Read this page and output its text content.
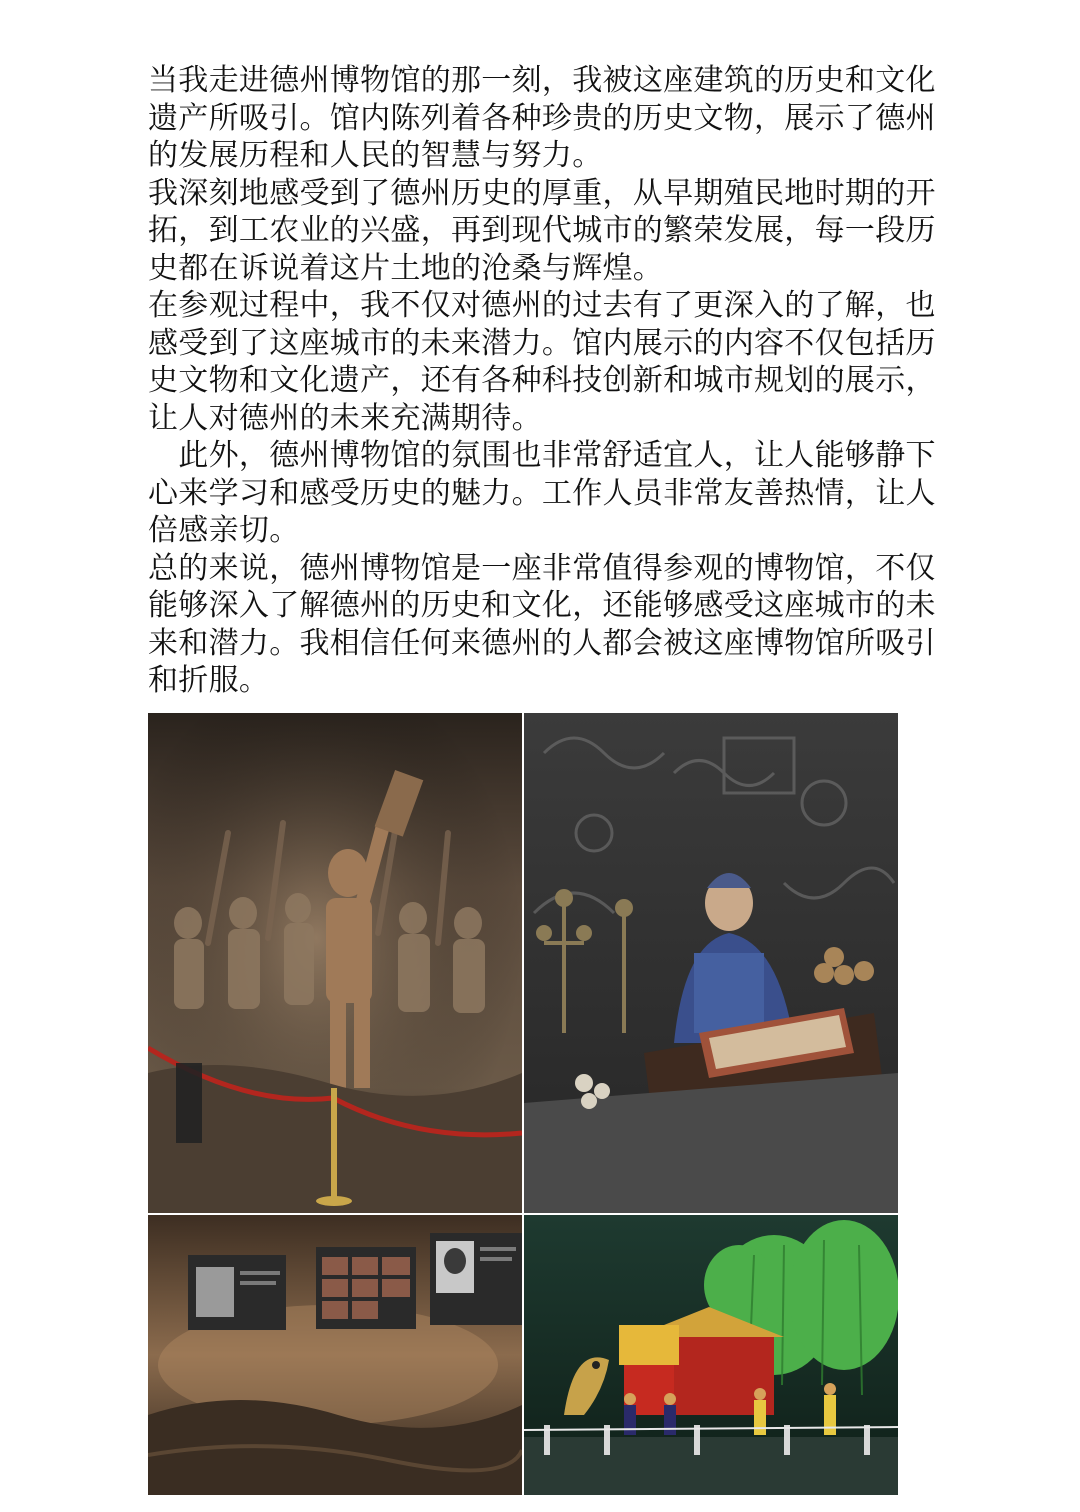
当我走进德州博物馆的那一刻，我被这座建筑的历史和文化遗产所吸引。馆内陈列着各种珍贵的历史文物，展示了德州的发展历程和人民的智慧与努力。

我深刻地感受到了德州历史的厚重，从早期殖民地时期的开拓，到工农业的兴盛，再到现代城市的繁荣发展，每一段历史都在诉说着这片土地的沧桑与辉煌。

在参观过程中，我不仅对德州的过去有了更深入的了解，也感受到了这座城市的未来潜力。馆内展示的内容不仅包括历史文物和文化遗产，还有各种科技创新和城市规划的展示，让人对德州的未来充满期待。

　此外，德州博物馆的氛围也非常舒适宜人，让人能够静下心来学习和感受历史的魅力。工作人员非常友善热情，让人倍感亲切。

总的来说，德州博物馆是一座非常值得参观的博物馆，不仅能够深入了解德州的历史和文化，还能够感受这座城市的未来和潜力。我相信任何来德州的人都会被这座博物馆所吸引和折服。
